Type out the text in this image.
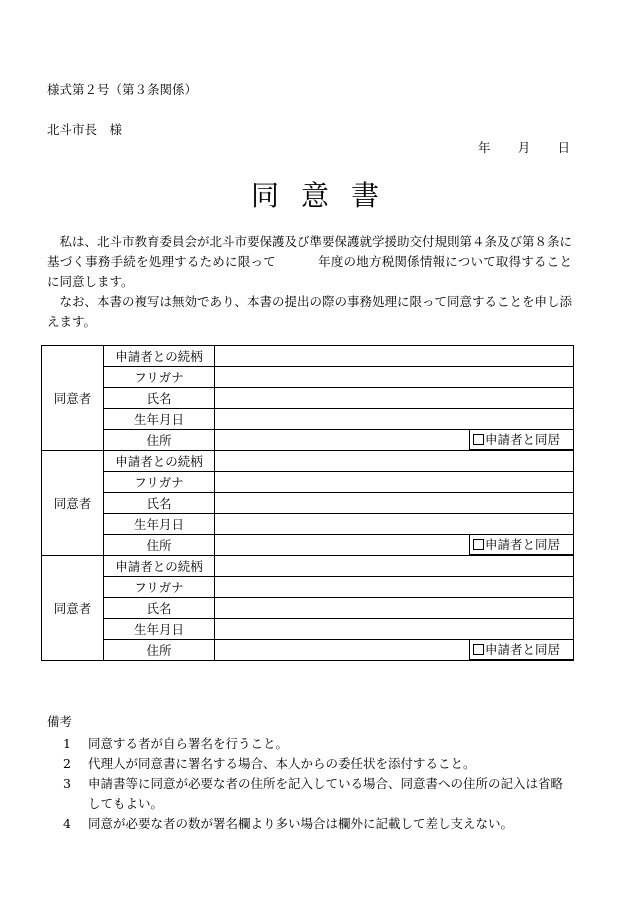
様式第２号（第３条関係）
北斗市長　様
年 月 日
同意書

私は、北斗市教育委員会が北斗市要保護及び準要保護就学援助交付規則第４条及び第８条に基づく事務手続を処理するために限って	年度の地方税関係情報について取得することに同意します。

なお、本書の複写は無効であり、本書の提出の際の事務処理に限って同意することを申し添えます。

同意者	申請者との続柄	
	フリガナ	
	氏名	
	生年月日	
	住所	申請者と同居

同意者	申請者との続柄	
	フリガナ	
	氏名	
	生年月日	
	住所	申請者と同居

同意者	申請者との続柄	
	フリガナ	
	氏名	
	生年月日	
	住所	申請者と同居
備考
1	同意する者が自ら署名を行うこと。
2	代理人が同意書に署名する場合、本人からの委任状を添付すること。
3	申請書等に同意が必要な者の住所を記入している場合、同意書への住所の記入は省略してもよい。
4	同意が必要な者の数が署名欄より多い場合は欄外に記載して差し支えない。
